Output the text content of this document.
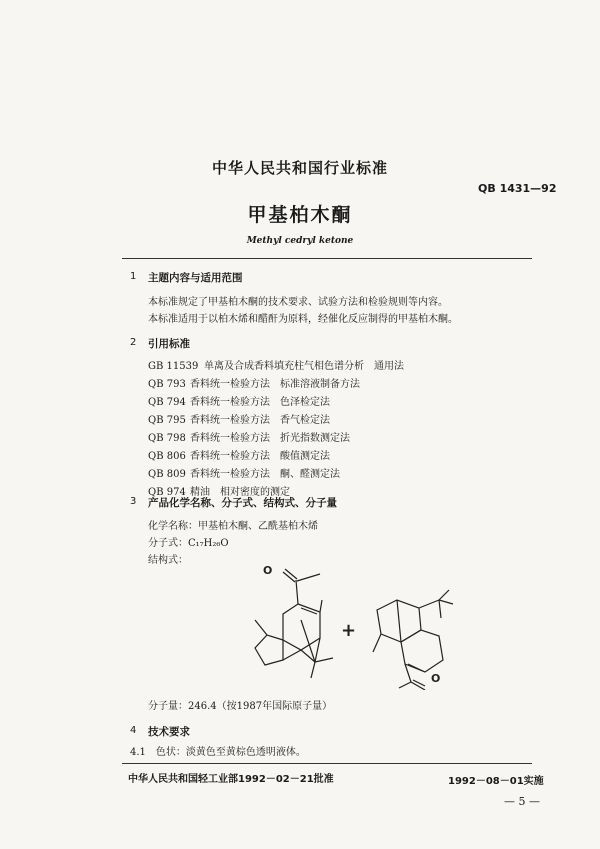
中华人民共和国行业标准
QB 1431—92
甲基柏木酮
Methyl cedryl ketone
1 主题内容与适用范围
本标准规定了甲基柏木酮的技术要求、试验方法和检验规则等内容。
本标准适用于以柏木烯和醋酐为原料，经催化反应制得的甲基柏木酮。
2 引用标准
GB 11539 单离及合成香料填充柱气相色谱分析　通用法
QB 793 香料统一检验方法　标准溶液制备方法
QB 794 香料统一检验方法　色泽检定法
QB 795 香料统一检验方法　香气检定法
QB 798 香料统一检验方法　折光指数测定法
QB 806 香料统一检验方法　酸值测定法
QB 809 香料统一检验方法　酮、醛测定法
QB 974 精油　相对密度的测定
3 产品化学名称、分子式、结构式、分子量
化学名称：甲基柏木酮、乙酰基柏木烯
分子式：C₁₇H₂₆O
结构式：
O
+
O
分子量：246.4（按1987年国际原子量）
4 技术要求
4.1　色状：淡黄色至黄棕色透明液体。
中华人民共和国轻工业部1992－02－21批准	1992－08－01实施
— 5 —
